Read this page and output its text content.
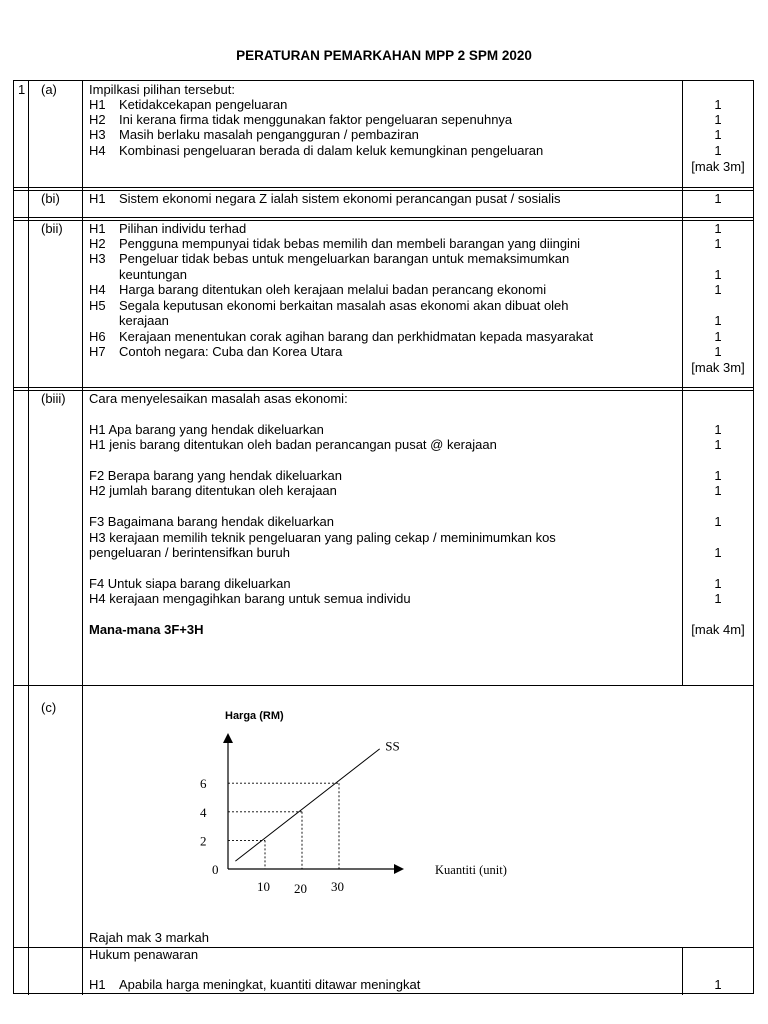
PERATURAN PEMARKAHAN MPP 2 SPM 2020
1 (a) Impilkasi pilihan tersebut:
H1 Ketidakcekapan pengeluaran	1
H2 Ini kerana firma tidak menggunakan faktor pengeluaran sepenuhnya	1
H3 Masih berlaku masalah pengangguran / pembaziran	1
H4 Kombinasi pengeluaran berada di dalam keluk kemungkinan pengeluaran	1
[mak 3m]
(bi) H1 Sistem ekonomi negara Z ialah sistem ekonomi perancangan pusat / sosialis	1
(bii) H1 Pilihan individu terhad	1
H2 Pengguna mempunyai tidak bebas memilih dan membeli barangan yang diingini	1
H3 Pengeluar tidak bebas untuk mengeluarkan barangan untuk memaksimumkan
keuntungan	1
H4 Harga barang ditentukan oleh kerajaan melalui badan perancang ekonomi	1
H5 Segala keputusan ekonomi berkaitan masalah asas ekonomi akan dibuat oleh
kerajaan	1
H6 Kerajaan menentukan corak agihan barang dan perkhidmatan kepada masyarakat	1
H7 Contoh negara: Cuba dan Korea Utara	1
[mak 3m]
(biii) Cara menyelesaikan masalah asas ekonomi:
H1 Apa barang yang hendak dikeluarkan	1
H1 jenis barang ditentukan oleh badan perancangan pusat @ kerajaan	1
F2 Berapa barang yang hendak dikeluarkan	1
H2 jumlah barang ditentukan oleh kerajaan	1
F3 Bagaimana barang hendak dikeluarkan	1
H3 kerajaan memilih teknik pengeluaran yang paling cekap / meminimumkan kos
pengeluaran / berintensifkan buruh	1
F4 Untuk siapa barang dikeluarkan	1
H4 kerajaan mengagihkan barang untuk semua individu	1
Mana-mana 3F+3H	[mak 4m]
(c)
Harga (RM)
0
SS
2
4
6
10 20 30
Kuantiti (unit)
Rajah mak 3 markah
Hukum penawaran
H1 Apabila harga meningkat, kuantiti ditawar meningkat	1
